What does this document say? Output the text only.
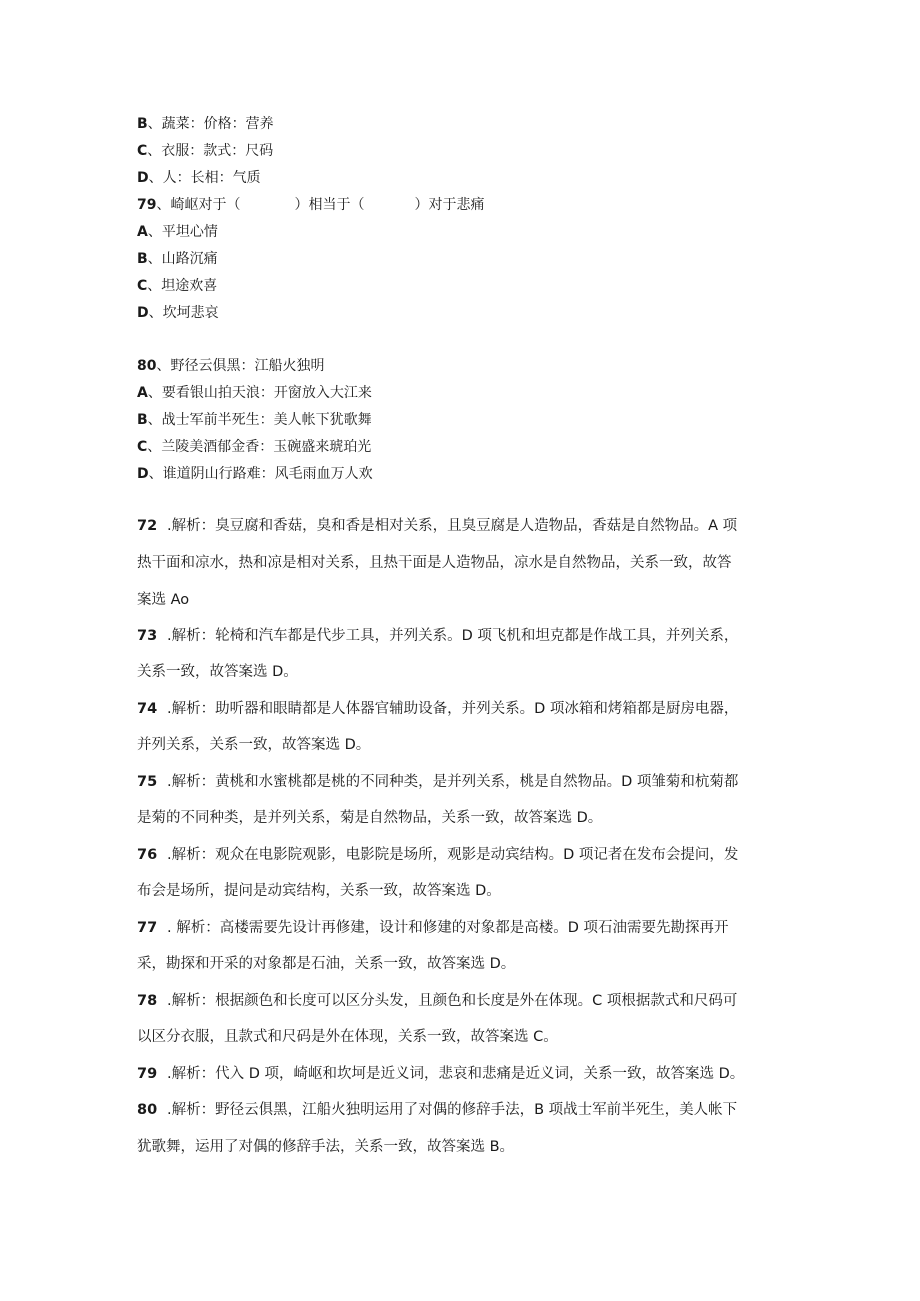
B、蔬菜：价格：营养

C、衣服：款式：尺码

D、人：长相：气质

79、崎岖对于（	）相当于（	）对于悲痛

A、平坦心情

B、山路沉痛

C、坦途欢喜

D、坎坷悲哀

80、野径云俱黑：江船火独明

A、要看银山拍天浪：开窗放入大江来

B、战士军前半死生：美人帐下犹歌舞

C、兰陵美酒郁金香：玉碗盛来琥珀光

D、谁道阴山行路难：风毛雨血万人欢

72 .解析：臭豆腐和香菇，臭和香是相对关系，且臭豆腐是人造物品，香菇是自然物品。A 项

热干面和凉水，热和凉是相对关系，且热干面是人造物品，凉水是自然物品，关系一致，故答

案选 Ao

73 .解析：轮椅和汽车都是代步工具，并列关系。D 项飞机和坦克都是作战工具，并列关系，

关系一致，故答案选 D。

74 .解析：助听器和眼睛都是人体器官辅助设备，并列关系。D 项冰箱和烤箱都是厨房电器，

并列关系，关系一致，故答案选 D。

75 .解析：黄桃和水蜜桃都是桃的不同种类，是并列关系，桃是自然物品。D 项雏菊和杭菊都

是菊的不同种类，是并列关系，菊是自然物品，关系一致，故答案选 D。

76 .解析：观众在电影院观影，电影院是场所，观影是动宾结构。D 项记者在发布会提问，发

布会是场所，提问是动宾结构，关系一致，故答案选 D。

77 . 解析：高楼需要先设计再修建，设计和修建的对象都是高楼。D 项石油需要先勘探再开

采，勘探和开采的对象都是石油，关系一致，故答案选 D。

78 .解析：根据颜色和长度可以区分头发，且颜色和长度是外在体现。C 项根据款式和尺码可

以区分衣服，且款式和尺码是外在体现，关系一致，故答案选 C。

79 .解析：代入 D 项，崎岖和坎坷是近义词，悲哀和悲痛是近义词，关系一致，故答案选 D。

80 .解析：野径云俱黑，江船火独明运用了对偶的修辞手法，B 项战士军前半死生，美人帐下

犹歌舞，运用了对偶的修辞手法，关系一致，故答案选 B。
